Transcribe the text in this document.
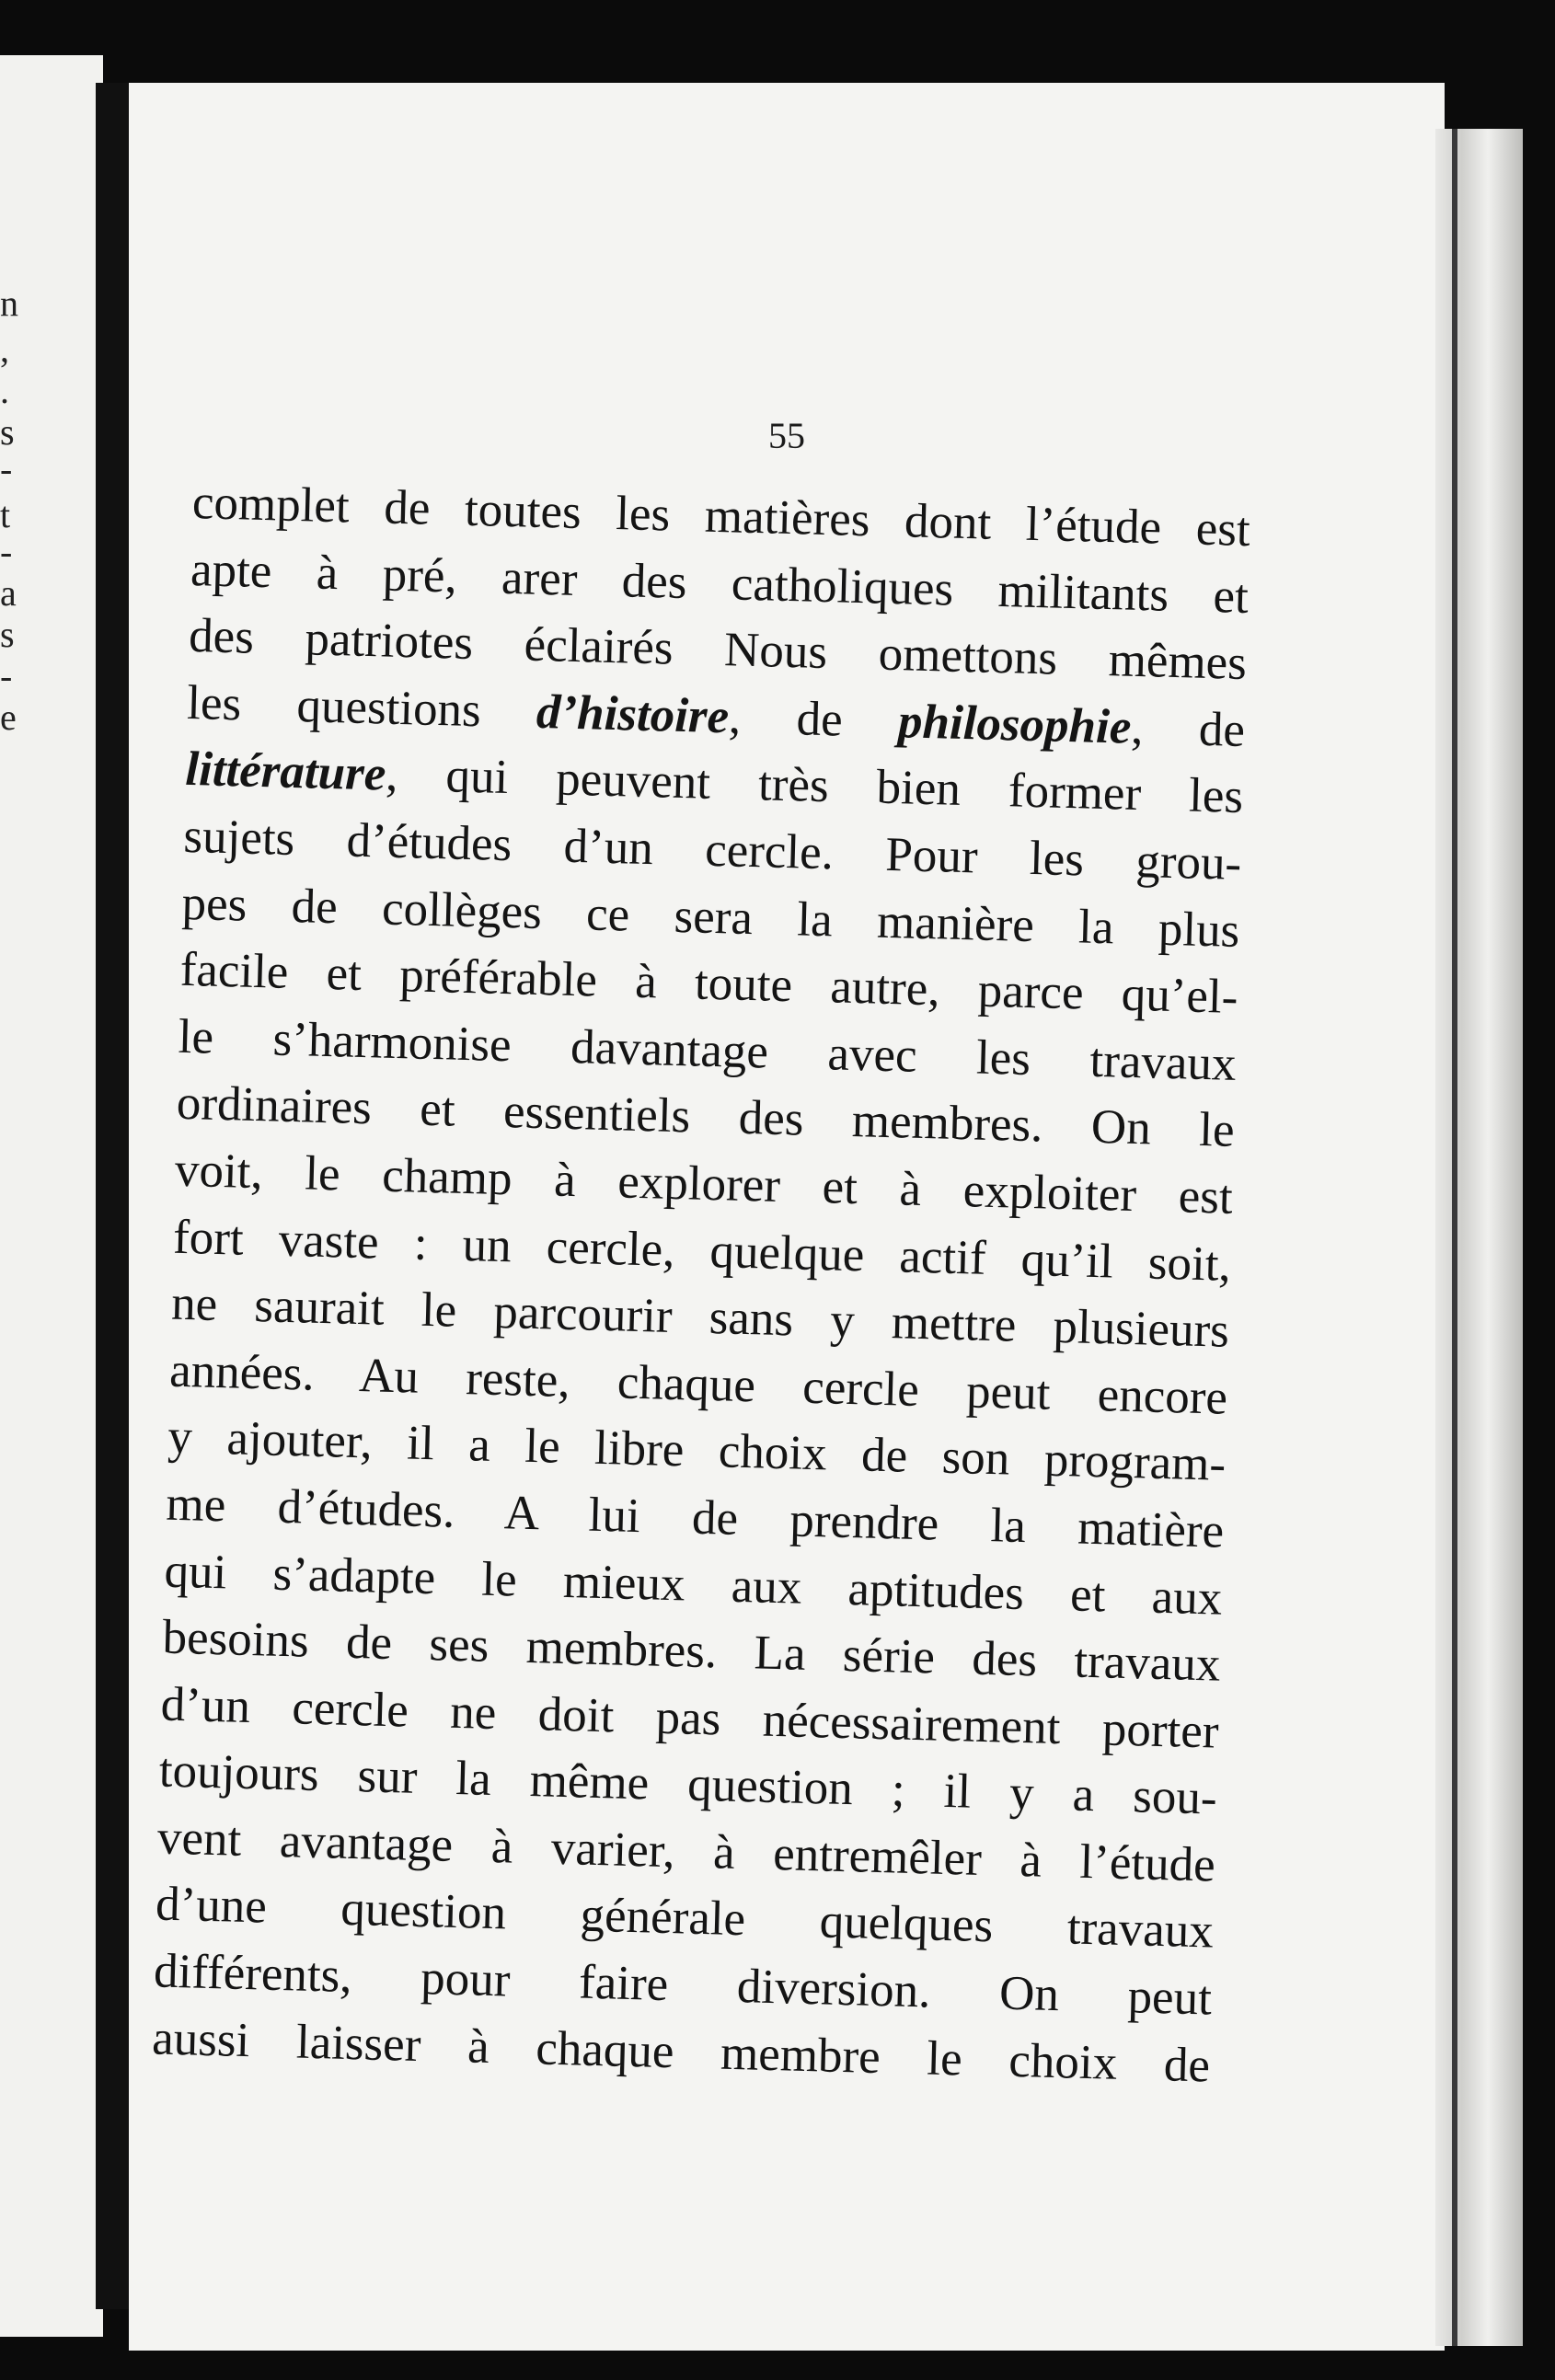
n
,
.
s
-
t
-
a
s
-
e
55
complet de toutes les matières dont l’étude est
apte à pré, arer des catholiques militants et
des patriotes éclairés Nous omettons mêmes
les questions d’histoire, de philosophie, de
littérature, qui peuvent très bien former les
sujets d’études d’un cercle. Pour les grou-
pes de collèges ce sera la manière la plus
facile et préférable à toute autre, parce qu’el-
le s’harmonise davantage avec les travaux
ordinaires et essentiels des membres. On le
voit, le champ à explorer et à exploiter est
fort vaste : un cercle, quelque actif qu’il soit,
ne saurait le parcourir sans y mettre plusieurs
années. Au reste, chaque cercle peut encore
y ajouter, il a le libre choix de son program-
me d’études. A lui de prendre la matière
qui s’adapte le mieux aux aptitudes et aux
besoins de ses membres. La série des travaux
d’un cercle ne doit pas nécessairement porter
toujours sur la même question ; il y a sou-
vent avantage à varier, à entremêler à l’étude
d’une question générale quelques travaux
différents, pour faire diversion. On peut
aussi laisser à chaque membre le choix de
